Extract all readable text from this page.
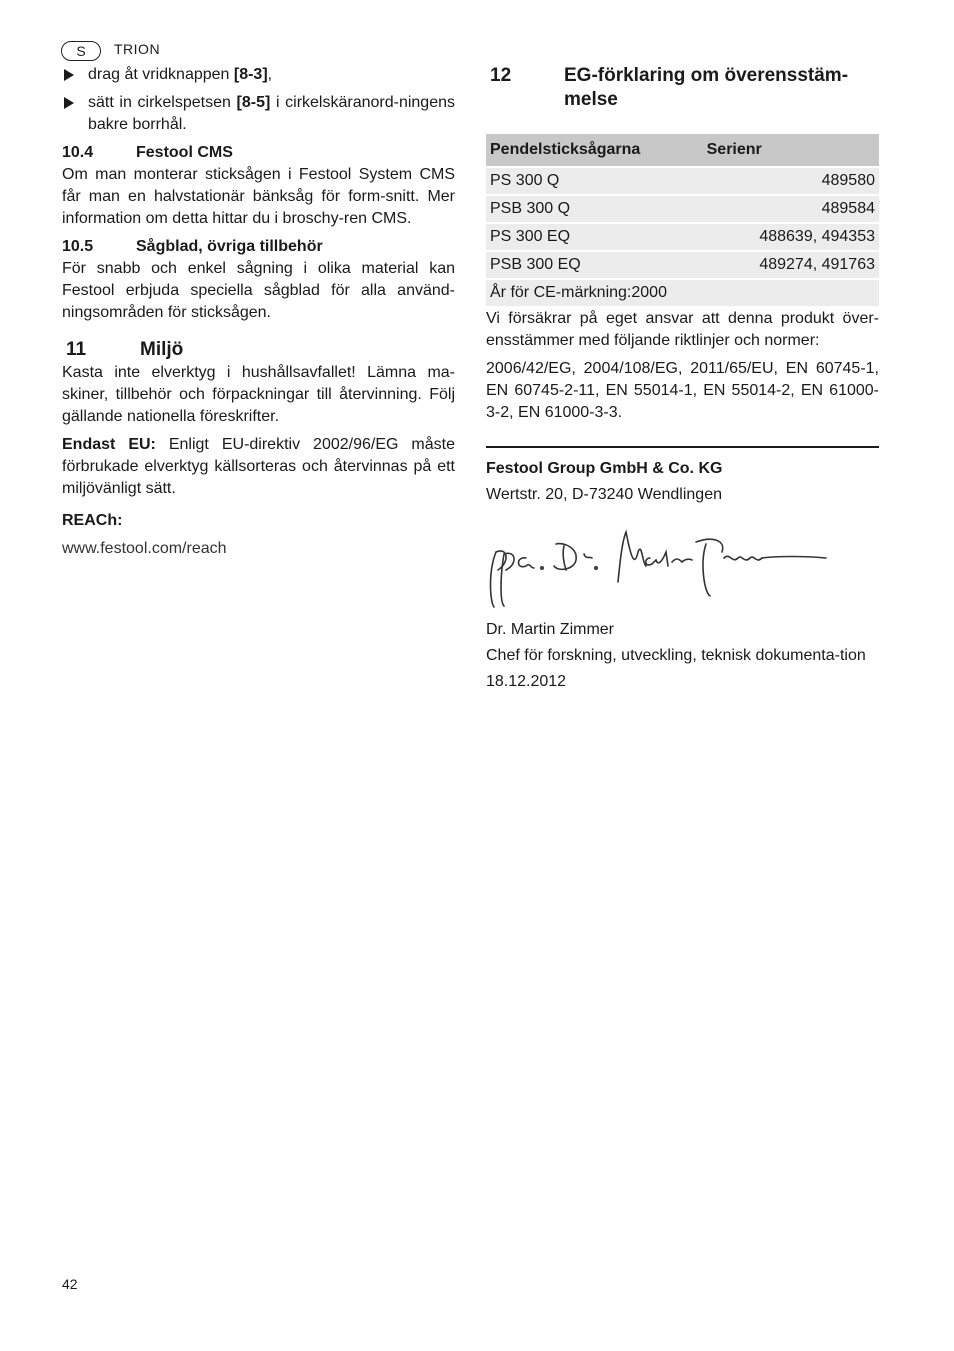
S	TRION
drag åt vridknappen [8-3],
sätt in cirkelspetsen [8-5] i cirkelskäranord-ningens bakre borrhål.
10.4	Festool CMS

Om man monterar sticksågen i Festool System CMS får man en halvstationär bänksåg för form-snitt. Mer information om detta hittar du i broschy-ren CMS.

10.5	Sågblad, övriga tillbehör

För snabb och enkel sågning i olika material kan Festool erbjuda speciella sågblad för alla använd-ningsområden för sticksågen.

11	Miljö

Kasta inte elverktyg i hushållsavfallet! Lämna ma-skiner, tillbehör och förpackningar till återvinning. Följ gällande nationella föreskrifter.

Endast EU: Enligt EU-direktiv 2002/96/EG måste förbrukade elverktyg källsorteras och återvinnas på ett miljövänligt sätt.

REACh:
www.festool.com/reach
12	EG-förklaring om överensstäm-melse
Pendelsticksågarna	Serienr
PS 300 Q	489580
PSB 300 Q	489584
PS 300 EQ	488639, 494353
PSB 300 EQ	489274, 491763
År för CE-märkning:2000	

Vi försäkrar på eget ansvar att denna produkt över-ensstämmer med följande riktlinjer och normer:

2006/42/EG, 2004/108/EG, 2011/65/EU, EN 60745-1, EN 60745-2-11, EN 55014-1, EN 55014-2, EN 61000-3-2, EN 61000-3-3.

Festool Group GmbH & Co. KG
Wertstr. 20, D-73240 Wendlingen
Dr. Martin Zimmer

Chef för forskning, utveckling, teknisk dokumenta-tion

18.12.2012
42
